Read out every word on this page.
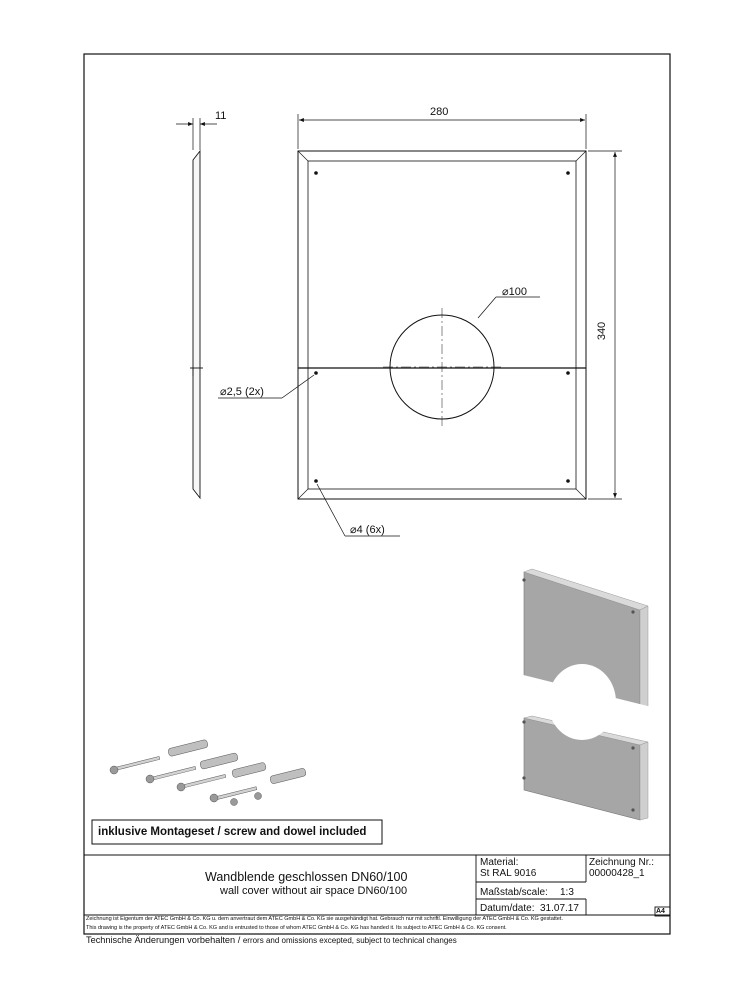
11	280
340
⌀100
⌀2,5 (2x)
⌀4 (6x)
inklusive Montageset / screw and dowel included
Wandblende geschlossen DN60/100
wall cover without air space DN60/100
Material:
St RAL 9016
Zeichnung Nr.:
00000428_1
Maßstab/scale: 1:3
Datum/date: 31.07.17	A4
Zeichnung ist Eigentum der ATEC GmbH & Co. KG u. dem anvertraut dem ATEC GmbH & Co. KG sie ausgehändigt hat. Gebrauch nur mit schriftl. Einwilligung der ATEC GmbH & Co. KG gestattet.
This drawing is the property of ATEC GmbH & Co. KG and is entrusted to those of whom ATEC GmbH & Co. KG has handed it. Its subject to ATEC GmbH & Co. KG consent.
Technische Änderungen vorbehalten / errors and omissions excepted, subject to technical changes
